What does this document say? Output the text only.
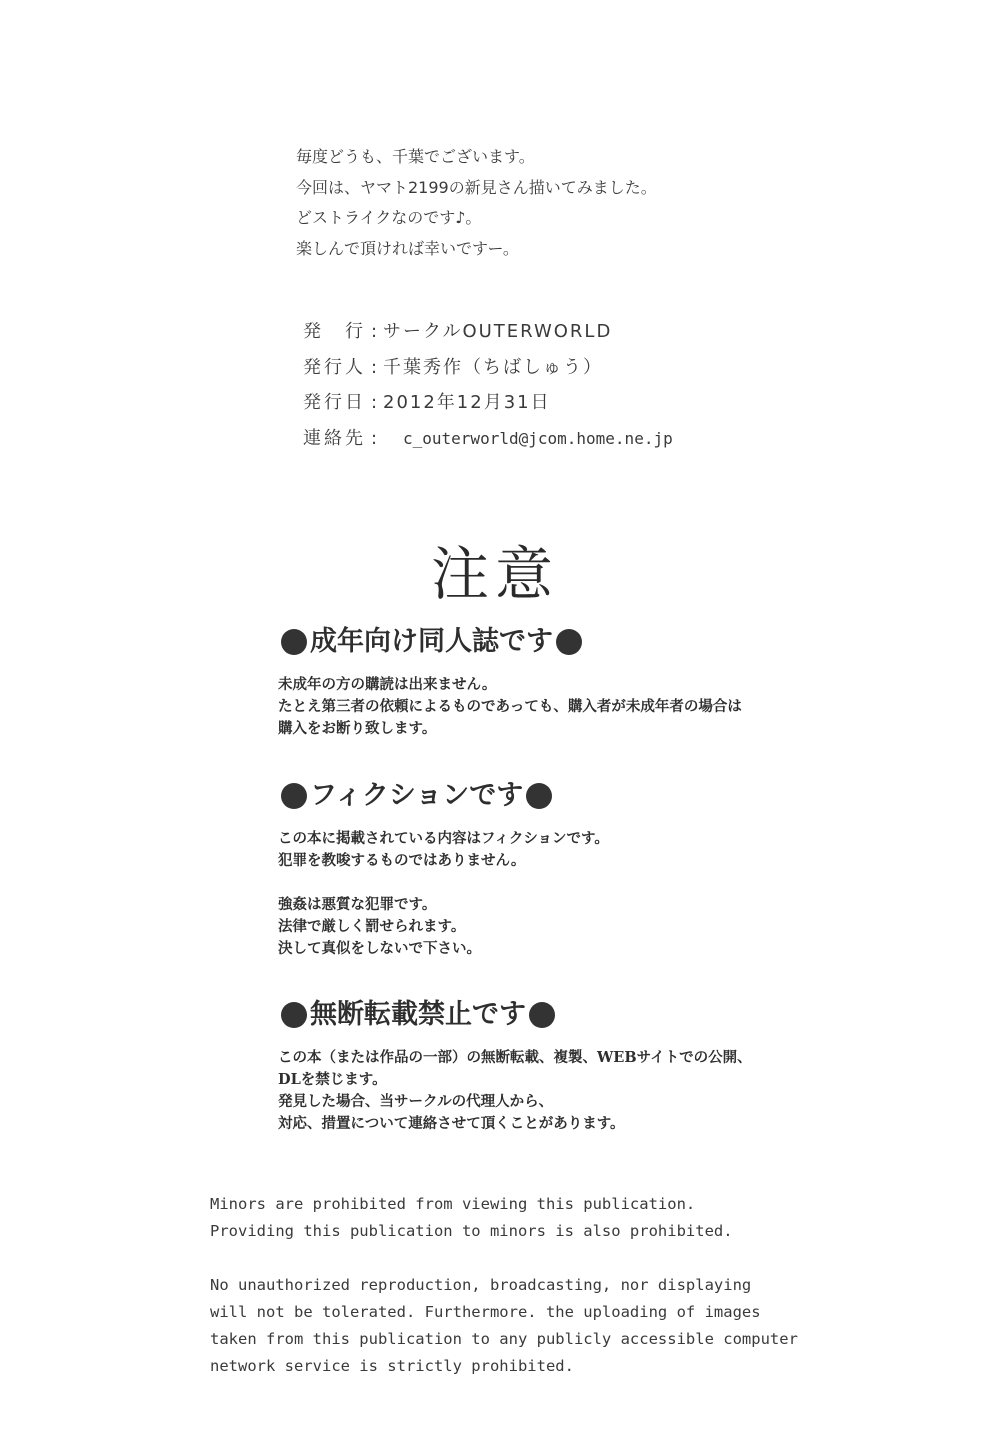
毎度どうも、千葉でございます。
今回は、ヤマト2199の新見さん描いてみました。
どストライクなのです♪。
楽しんで頂ければ幸いですー。
発行 : サークルOUTERWORLD
発行人 : 千葉秀作（ちばしゅう）
発行日 : 2012年12月31日
連絡先 :	c_outerworld@jcom.home.ne.jp
注意
成年向け同人誌です
未成年の方の購読は出来ません。
たとえ第三者の依頼によるものであっても、購入者が未成年者の場合は
購入をお断り致します。
フィクションです
この本に掲載されている内容はフィクションです。
犯罪を教唆するものではありません。
強姦は悪質な犯罪です。
法律で厳しく罰せられます。
決して真似をしないで下さい。
無断転載禁止です
この本（または作品の一部）の無断転載、複製、WEBサイトでの公開、
DLを禁じます。
発見した場合、当サークルの代理人から、
対応、措置について連絡させて頂くことがあります。
Minors are prohibited from viewing this publication.
Providing this publication to minors is also prohibited.
No unauthorized reproduction, broadcasting, nor displaying
will not be tolerated. Furthermore. the uploading of images
taken from this publication to any publicly accessible computer
network service is strictly prohibited.
